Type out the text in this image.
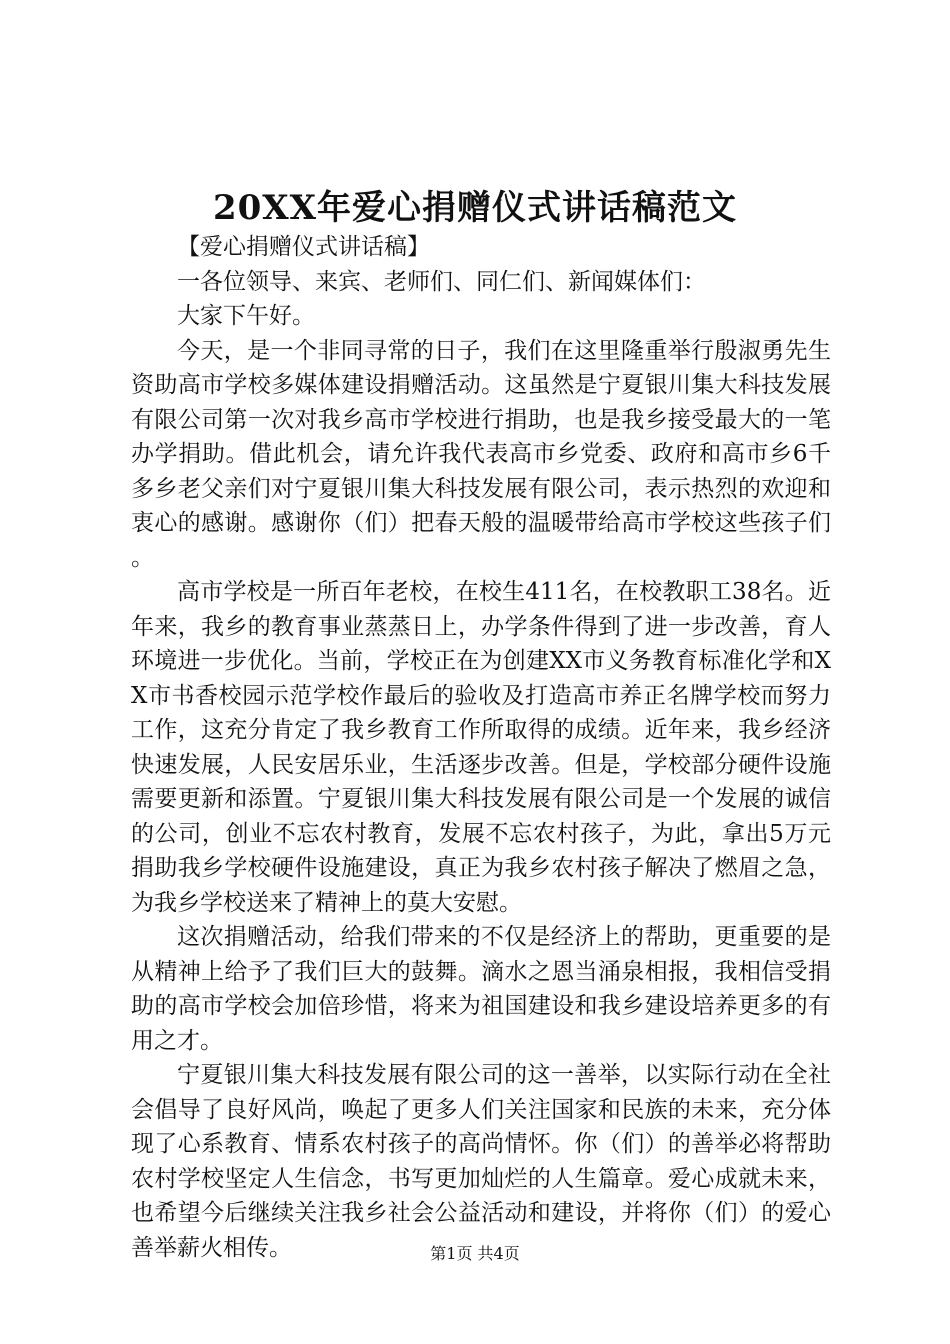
20XX年爱心捐赠仪式讲话稿范文

【爱心捐赠仪式讲话稿】

一各位领导、来宾、老师们、同仁们、新闻媒体们：

大家下午好。

今天，是一个非同寻常的日子，我们在这里隆重举行殷淑勇先生资助高市学校多媒体建设捐赠活动。这虽然是宁夏银川集大科技发展有限公司第一次对我乡高市学校进行捐助，也是我乡接受最大的一笔办学捐助。借此机会，请允许我代表高市乡党委、政府和高市乡6千多乡老父亲们对宁夏银川集大科技发展有限公司，表示热烈的欢迎和衷心的感谢。感谢你（们）把春天般的温暖带给高市学校这些孩子们。

高市学校是一所百年老校，在校生411名，在校教职工38名。近年来，我乡的教育事业蒸蒸日上，办学条件得到了进一步改善，育人环境进一步优化。当前，学校正在为创建XX市义务教育标准化学和XX市书香校园示范学校作最后的验收及打造高市养正名牌学校而努力工作，这充分肯定了我乡教育工作所取得的成绩。近年来，我乡经济快速发展，人民安居乐业，生活逐步改善。但是，学校部分硬件设施需要更新和添置。宁夏银川集大科技发展有限公司是一个发展的诚信的公司，创业不忘农村教育，发展不忘农村孩子，为此，拿出5万元捐助我乡学校硬件设施建设，真正为我乡农村孩子解决了燃眉之急，为我乡学校送来了精神上的莫大安慰。

这次捐赠活动，给我们带来的不仅是经济上的帮助，更重要的是从精神上给予了我们巨大的鼓舞。滴水之恩当涌泉相报，我相信受捐助的高市学校会加倍珍惜，将来为祖国建设和我乡建设培养更多的有用之才。

宁夏银川集大科技发展有限公司的这一善举，以实际行动在全社会倡导了良好风尚，唤起了更多人们关注国家和民族的未来，充分体现了心系教育、情系农村孩子的高尚情怀。你（们）的善举必将帮助农村学校坚定人生信念，书写更加灿烂的人生篇章。爱心成就未来，也希望今后继续关注我乡社会公益活动和建设，并将你（们）的爱心善举薪火相传。	第1页 共4页
